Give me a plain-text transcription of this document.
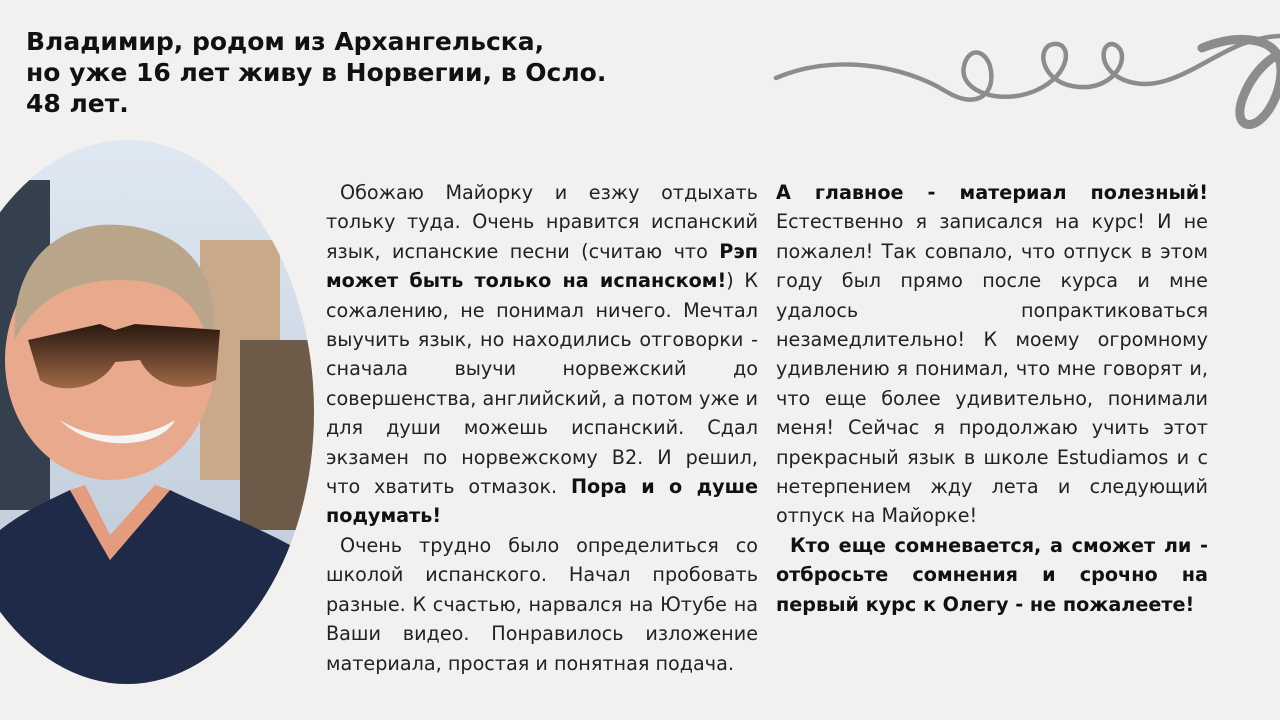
Владимир, родом из Архангельска,
но уже 16 лет живу в Норвегии, в Осло.
48 лет.

Обожаю Майорку и езжу отдыхать тольку туда. Очень нравится испанский язык, испанские песни (считаю что Рэп может быть только на испанском!) К сожалению, не понимал ничего. Мечтал выучить язык, но находились отговорки - сначала выучи норвежский до совершенства, английский, а потом уже и для души можешь испанский. Сдал экзамен по норвежскому B2. И решил, что хватить отмазок. Пора и о душе подумать!

Очень трудно было определиться со школой испанского. Начал пробовать разные. К счастью, нарвался на Ютубе на Ваши видео. Понравилось изложение материала, простая и понятная подача.

А главное - материал полезный! Естественно я записался на курс! И не пожалел! Так совпало, что отпуск в этом году был прямо после курса и мне удалось попрактиковаться незамедлительно! К моему огромному удивлению я понимал, что мне говорят и, что еще более удивительно, понимали меня! Сейчас я продолжаю учить этот прекрасный язык в школе Estudiamos и с нетерпением жду лета и следующий отпуск на Майорке!

Кто еще сомневается, а сможет ли - отбросьте сомнения и срочно на первый курс к Олегу - не пожалеете!
